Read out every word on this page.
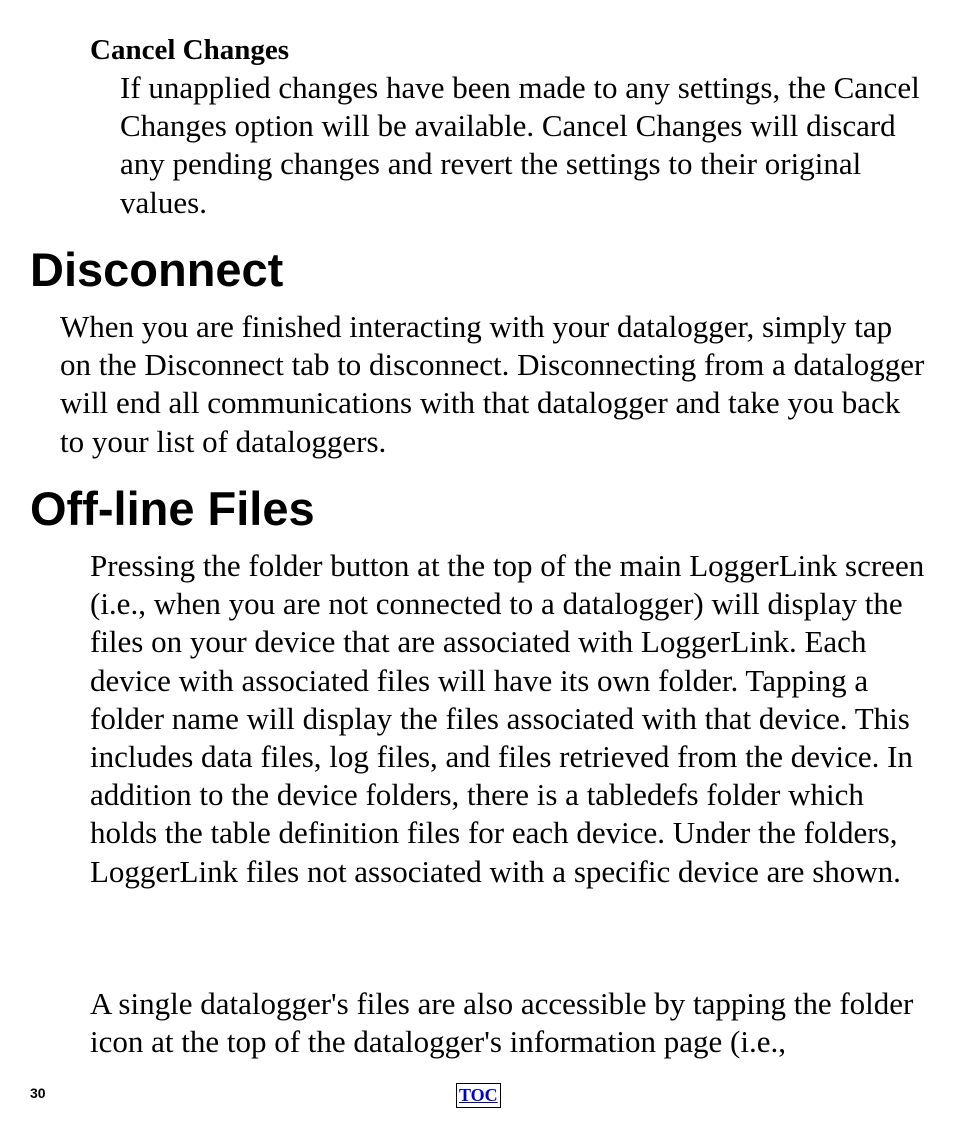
Cancel Changes

If unapplied changes have been made to any settings, the Cancel Changes option will be available. Cancel Changes will discard any pending changes and revert the settings to their original values.

Disconnect

When you are finished interacting with your datalogger, simply tap on the Disconnect tab to disconnect. Disconnecting from a datalogger will end all communications with that datalogger and take you back to your list of dataloggers.

Off-line Files

Pressing the folder button at the top of the main LoggerLink screen (i.e., when you are not connected to a datalogger) will display the files on your device that are associated with LoggerLink. Each device with associated files will have its own folder. Tapping a folder name will display the files associated with that device. This includes data files, log files, and files retrieved from the device. In addition to the device folders, there is a tabledefs folder which holds the table definition files for each device. Under the folders, LoggerLink files not associated with a specific device are shown.

A single datalogger's files are also accessible by tapping the folder icon at the top of the datalogger's information page (i.e.,

30	TOC
